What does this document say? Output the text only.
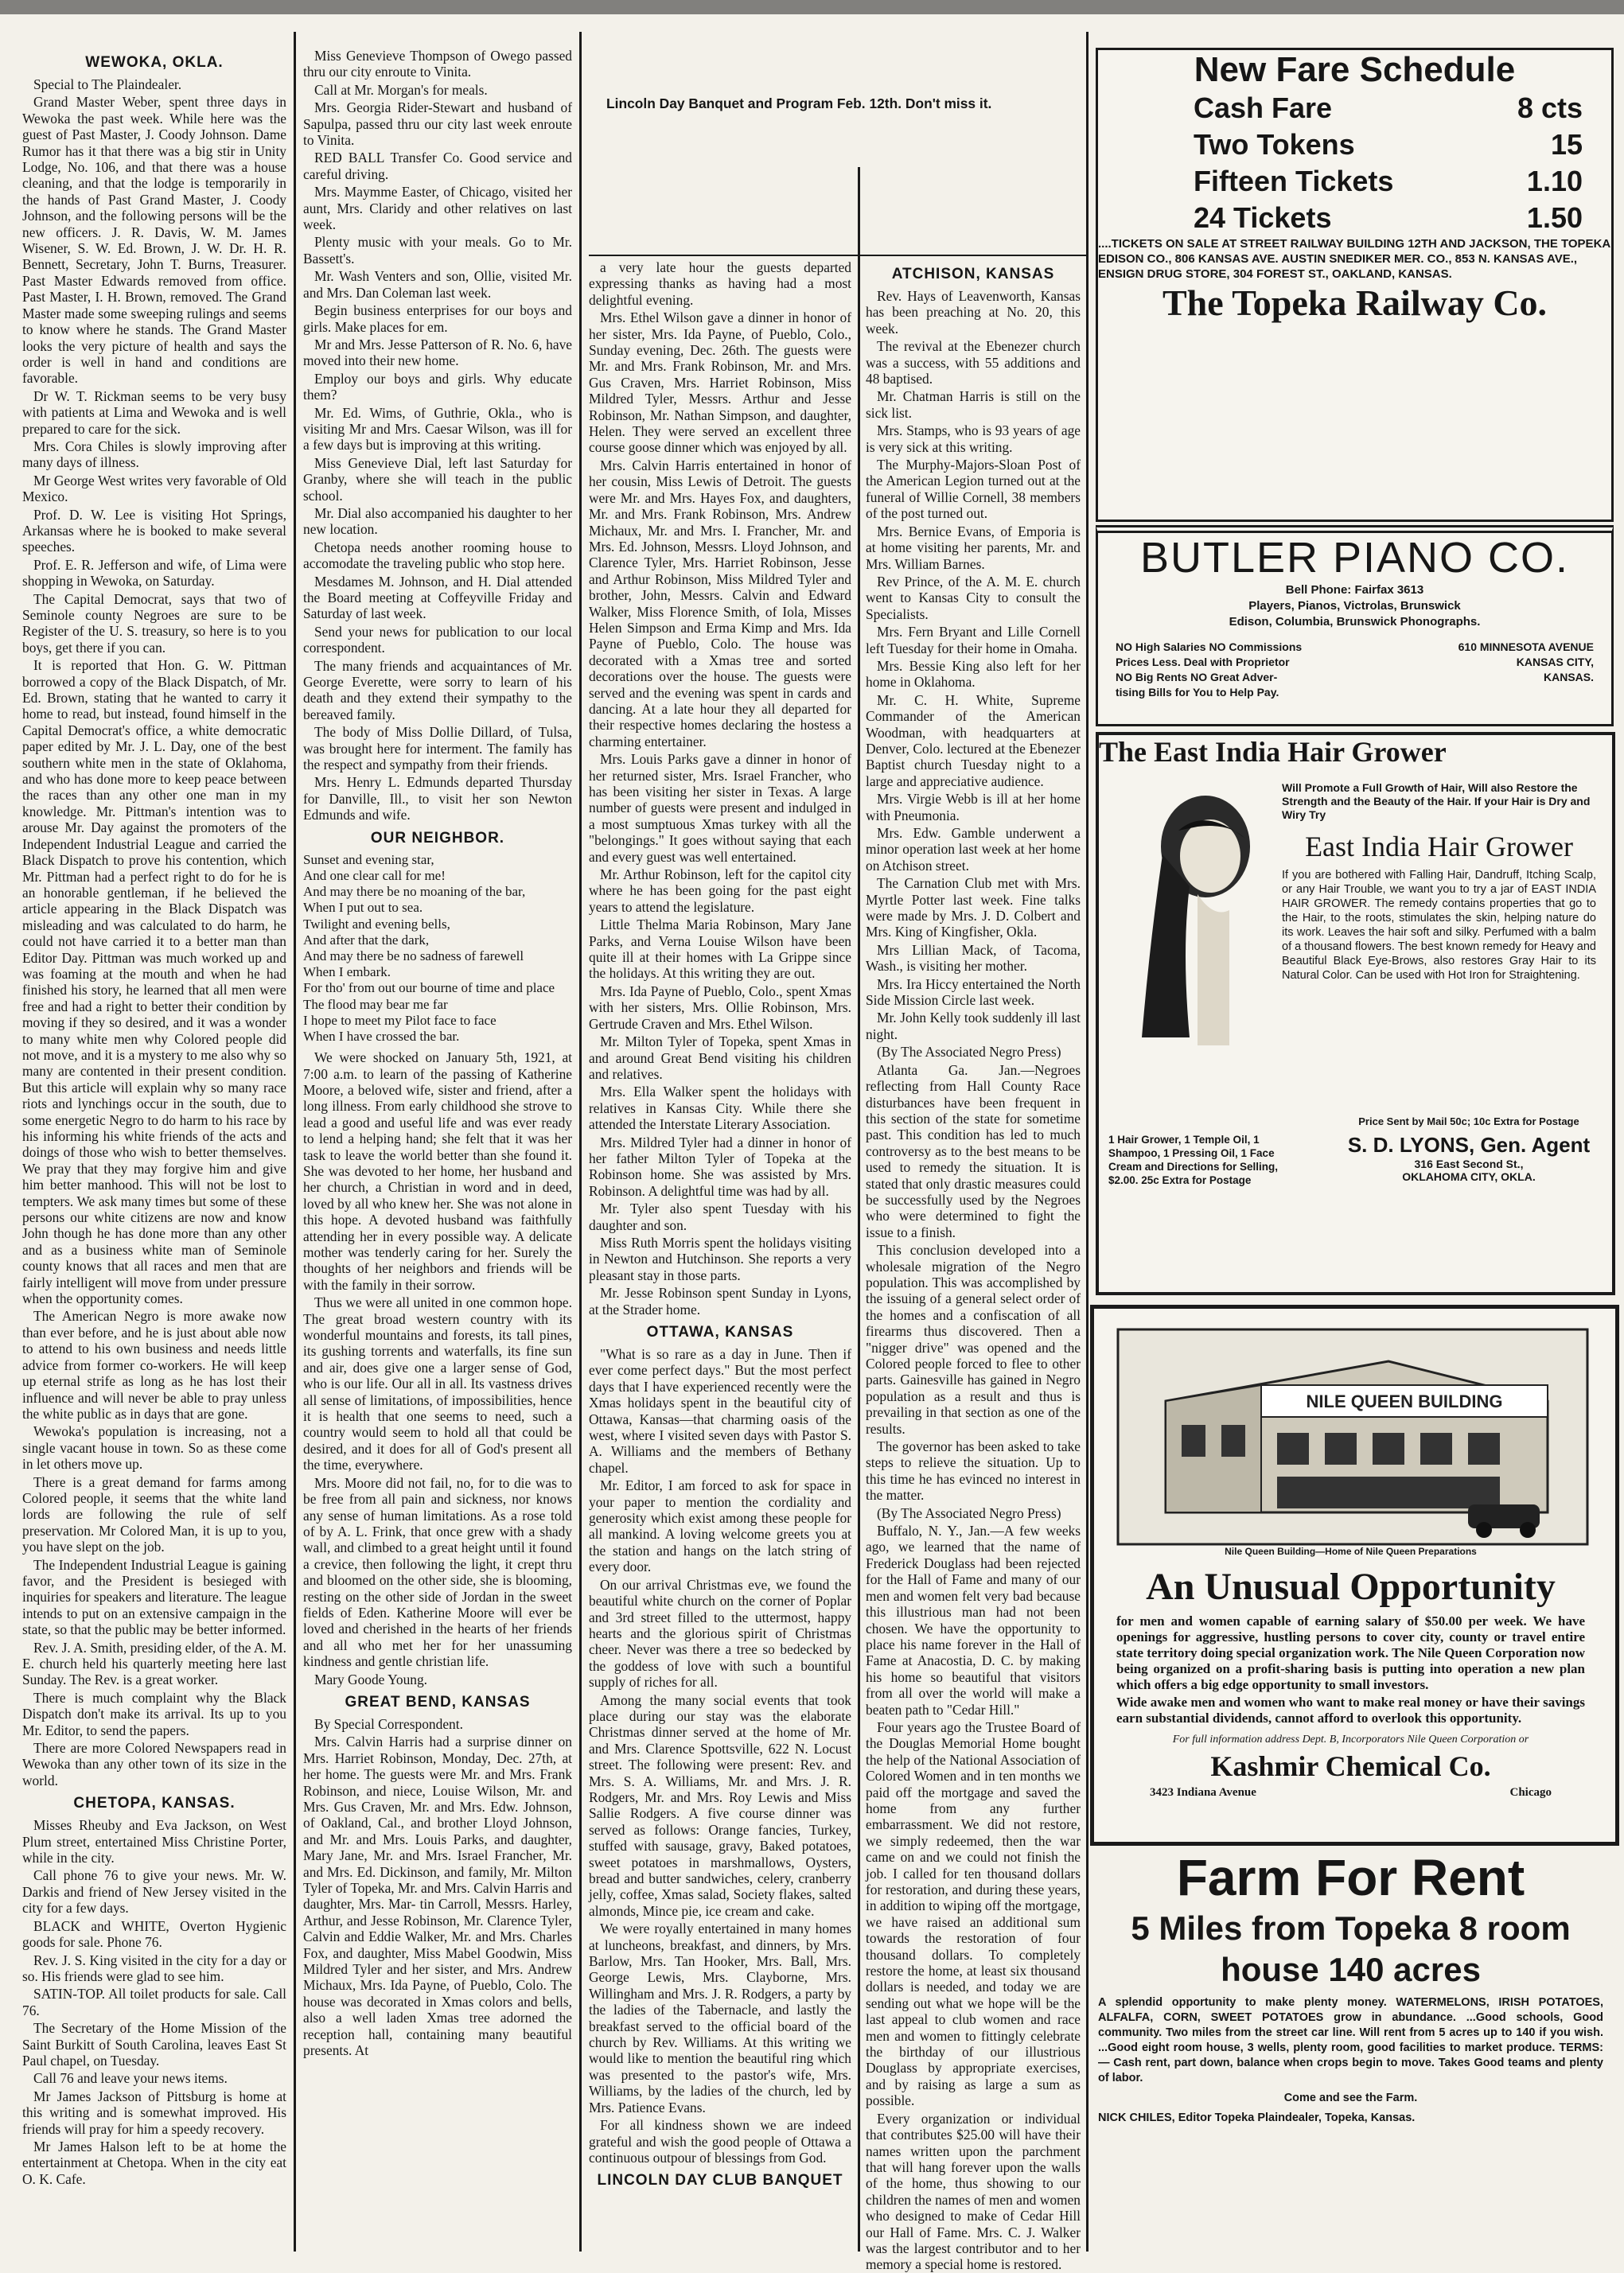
WEWOKA, OKLA.

Special to The Plaindealer.

Grand Master Weber, spent three days in Wewoka the past week. While here was the guest of Past Master, J. Coody Johnson. Dame Rumor has it that there was a big stir in Unity Lodge, No. 106, and that there was a house cleaning, and that the lodge is temporarily in the hands of Past Grand Master, J. Coody Johnson, and the following persons will be the new officers. J. R. Davis, W. M. James Wisener, S. W. Ed. Brown, J. W. Dr. H. R. Bennett, Secretary, John T. Burns, Treasurer. Past Master Edwards removed from office. Past Master, I. H. Brown, removed. The Grand Master made some sweeping rulings and seems to know where he stands. The Grand Master looks the very picture of health and says the order is well in hand and conditions are favorable.

Dr W. T. Rickman seems to be very busy with patients at Lima and Wewoka and is well prepared to care for the sick.

Mrs. Cora Chiles is slowly improving after many days of illness.

Mr George West writes very favorable of Old Mexico.

Prof. D. W. Lee is visiting Hot Springs, Arkansas where he is booked to make several speeches.

Prof. E. R. Jefferson and wife, of Lima were shopping in Wewoka, on Saturday.

The Capital Democrat, says that two of Seminole county Negroes are sure to be Register of the U. S. treasury, so here is to you boys, get there if you can.

It is reported that Hon. G. W. Pittman borrowed a copy of the Black Dispatch, of Mr. Ed. Brown, stating that he wanted to carry it home to read, but instead, found himself in the Capital Democrat's office, a white democratic paper edited by Mr. J. L. Day, one of the best southern white men in the state of Oklahoma, and who has done more to keep peace between the races than any other one man in my knowledge. Mr. Pittman's intention was to arouse Mr. Day against the promoters of the Independent Industrial League and carried the Black Dispatch to prove his contention, which Mr. Pittman had a perfect right to do for he is an honorable gentleman, if he believed the article appearing in the Black Dispatch was misleading and was calculated to do harm, he could not have carried it to a better man than Editor Day. Pittman was much worked up and was foaming at the mouth and when he had finished his story, he learned that all men were free and had a right to better their condition by moving if they so desired, and it was a wonder to many white men why Colored people did not move, and it is a mystery to me also why so many are contented in their present condition. But this article will explain why so many race riots and lynchings occur in the south, due to some energetic Negro to do harm to his race by his informing his white friends of the acts and doings of those who wish to better themselves. We pray that they may forgive him and give him better manhood. This will not be lost to tempters. We ask many times but some of these persons our white citizens are now and know John though he has done more than any other and as a business white man of Seminole county knows that all races and men that are fairly intelligent will move from under pressure when the opportunity comes.

The American Negro is more awake now than ever before, and he is just about able now to attend to his own business and needs little advice from former co-workers. He will keep up eternal strife as long as he has lost their influence and will never be able to pray unless the white public as in days that are gone.

Wewoka's population is increasing, not a single vacant house in town. So as these come in let others move up.

There is a great demand for farms among Colored people, it seems that the white land lords are following the rule of self preservation. Mr Colored Man, it is up to you, you have slept on the job.

The Independent Industrial League is gaining favor, and the President is besieged with inquiries for speakers and literature. The league intends to put on an extensive campaign in the state, so that the public may be better informed.

Rev. J. A. Smith, presiding elder, of the A. M. E. church held his quarterly meeting here last Sunday. The Rev. is a great worker.

There is much complaint why the Black Dispatch don't make its arrival. Its up to you Mr. Editor, to send the papers.

There are more Colored Newspapers read in Wewoka than any other town of its size in the world.

CHETOPA, KANSAS.

Misses Rheuby and Eva Jackson, on West Plum street, entertained Miss Christine Porter, while in the city.

Call phone 76 to give your news. Mr. W. Darkis and friend of New Jersey visited in the city for a few days.

BLACK and WHITE, Overton Hygienic goods for sale. Phone 76.

Rev. J. S. King visited in the city for a day or so. His friends were glad to see him.

SATIN-TOP. All toilet products for sale. Call 76.

The Secretary of the Home Mission of the Saint Burkitt of South Carolina, leaves East St Paul chapel, on Tuesday.

Call 76 and leave your news items.

Mr James Jackson of Pittsburg is home at this writing and is somewhat improved. His friends will pray for him a speedy recovery.

Mr James Halson left to be at home the entertainment at Chetopa. When in the city eat O. K. Cafe.

Miss Genevieve Thompson of Owego passed thru our city enroute to Vinita.

Call at Mr. Morgan's for meals.

Mrs. Georgia Rider-Stewart and husband of Sapulpa, passed thru our city last week enroute to Vinita.

RED BALL Transfer Co. Good service and careful driving.

Mrs. Maymme Easter, of Chicago, visited her aunt, Mrs. Claridy and other relatives on last week.

Plenty music with your meals. Go to Mr. Bassett's.

Mr. Wash Venters and son, Ollie, visited Mr. and Mrs. Dan Coleman last week.

Begin business enterprises for our boys and girls. Make places for em.

Mr and Mrs. Jesse Patterson of R. No. 6, have moved into their new home.

Employ our boys and girls. Why educate them?

Mr. Ed. Wims, of Guthrie, Okla., who is visiting Mr and Mrs. Caesar Wilson, was ill for a few days but is improving at this writing.

Miss Genevieve Dial, left last Saturday for Granby, where she will teach in the public school.

Mr. Dial also accompanied his daughter to her new location.

Chetopa needs another rooming house to accomodate the traveling public who stop here.

Mesdames M. Johnson, and H. Dial attended the Board meeting at Coffeyville Friday and Saturday of last week.

Send your news for publication to our local correspondent.

The many friends and acquaintances of Mr. George Everette, were sorry to learn of his death and they extend their sympathy to the bereaved family.

The body of Miss Dollie Dillard, of Tulsa, was brought here for interment. The family has the respect and sympathy from their friends.

Mrs. Henry L. Edmunds departed Thursday for Danville, Ill., to visit her son Newton Edmunds and wife.

OUR NEIGHBOR.
Sunset and evening star,
And one clear call for me!
And may there be no moaning of the bar,
When I put out to sea.
Twilight and evening bells,
And after that the dark,
And may there be no sadness of farewell
When I embark.
For tho' from out our bourne of time and place
The flood may bear me far
I hope to meet my Pilot face to face
When I have crossed the bar.

We were shocked on January 5th, 1921, at 7:00 a.m. to learn of the passing of Katherine Moore, a beloved wife, sister and friend, after a long illness. From early childhood she strove to lead a good and useful life and was ever ready to lend a helping hand; she felt that it was her task to leave the world better than she found it. She was devoted to her home, her husband and her church, a Christian in word and in deed, loved by all who knew her. She was not alone in this hope. A devoted husband was faithfully attending her in every possible way. A delicate mother was tenderly caring for her. Surely the thoughts of her neighbors and friends will be with the family in their sorrow.

Thus we were all united in one common hope. The great broad western country with its wonderful mountains and forests, its tall pines, its gushing torrents and waterfalls, its fine sun and air, does give one a larger sense of God, who is our life. Our all in all. Its vastness drives all sense of limitations, of impossibilities, hence it is health that one seems to need, such a country would seem to hold all that could be desired, and it does for all of God's present all the time, everywhere.

Mrs. Moore did not fail, no, for to die was to be free from all pain and sickness, nor knows any sense of human limitations. As a rose told of by A. L. Frink, that once grew with a shady wall, and climbed to a great height until it found a crevice, then following the light, it crept thru and bloomed on the other side, she is blooming, resting on the other side of Jordan in the sweet fields of Eden. Katherine Moore will ever be loved and cherished in the hearts of her friends and all who met her for her unassuming kindness and gentle christian life.

Mary Goode Young.

GREAT BEND, KANSAS

By Special Correspondent.

Mrs. Calvin Harris had a surprise dinner on Mrs. Harriet Robinson, Monday, Dec. 27th, at her home. The guests were Mr. and Mrs. Frank Robinson, and niece, Louise Wilson, Mr. and Mrs. Gus Craven, Mr. and Mrs. Edw. Johnson, of Oakland, Cal., and brother Lloyd Johnson, and Mr. and Mrs. Louis Parks, and daughter, Mary Jane, Mr. and Mrs. Israel Francher, Mr. and Mrs. Ed. Dickinson, and family, Mr. Milton Tyler of Topeka, Mr. and Mrs. Calvin Harris and daughter, Mrs. Mar- tin Carroll, Messrs. Harley, Arthur, and Jesse Robinson, Mr. Clarence Tyler, Calvin and Eddie Walker, Mr. and Mrs. Charles Fox, and daughter, Miss Mabel Goodwin, Miss Mildred Tyler and her sister, and Mrs. Andrew Michaux, Mrs. Ida Payne, of Pueblo, Colo. The house was decorated in Xmas colors and bells, also a well laden Xmas tree adorned the reception hall, containing many beautiful presents. At

Lincoln Day Banquet and Program Feb. 12th. Don't miss it.

a very late hour the guests departed expressing thanks as having had a most delightful evening.

Mrs. Ethel Wilson gave a dinner in honor of her sister, Mrs. Ida Payne, of Pueblo, Colo., Sunday evening, Dec. 26th. The guests were Mr. and Mrs. Frank Robinson, Mr. and Mrs. Gus Craven, Mrs. Harriet Robinson, Miss Mildred Tyler, Messrs. Arthur and Jesse Robinson, Mr. Nathan Simpson, and daughter, Helen. They were served an excellent three course goose dinner which was enjoyed by all.

Mrs. Calvin Harris entertained in honor of her cousin, Miss Lewis of Detroit. The guests were Mr. and Mrs. Hayes Fox, and daughters, Mr. and Mrs. Frank Robinson, Mrs. Andrew Michaux, Mr. and Mrs. I. Francher, Mr. and Mrs. Ed. Johnson, Messrs. Lloyd Johnson, and Clarence Tyler, Mrs. Harriet Robinson, Jesse and Arthur Robinson, Miss Mildred Tyler and brother, John, Messrs. Calvin and Edward Walker, Miss Florence Smith, of Iola, Misses Helen Simpson and Erma Kimp and Mrs. Ida Payne of Pueblo, Colo. The house was decorated with a Xmas tree and sorted decorations over the house. The guests were served and the evening was spent in cards and dancing. At a late hour they all departed for their respective homes declaring the hostess a charming entertainer.

Mrs. Louis Parks gave a dinner in honor of her returned sister, Mrs. Israel Francher, who has been visiting her sister in Texas. A large number of guests were present and indulged in a most sumptuous Xmas turkey with all the "belongings." It goes without saying that each and every guest was well entertained.

Mr. Arthur Robinson, left for the capitol city where he has been going for the past eight years to attend the legislature.

Little Thelma Maria Robinson, Mary Jane Parks, and Verna Louise Wilson have been quite ill at their homes with La Grippe since the holidays. At this writing they are out.

Mrs. Ida Payne of Pueblo, Colo., spent Xmas with her sisters, Mrs. Ollie Robinson, Mrs. Gertrude Craven and Mrs. Ethel Wilson.

Mr. Milton Tyler of Topeka, spent Xmas in and around Great Bend visiting his children and relatives.

Mrs. Ella Walker spent the holidays with relatives in Kansas City. While there she attended the Interstate Literary Association.

Mrs. Mildred Tyler had a dinner in honor of her father Milton Tyler of Topeka at the Robinson home. She was assisted by Mrs. Robinson. A delightful time was had by all.

Mr. Tyler also spent Tuesday with his daughter and son.

Miss Ruth Morris spent the holidays visiting in Newton and Hutchinson. She reports a very pleasant stay in those parts.

Mr. Jesse Robinson spent Sunday in Lyons, at the Strader home.

OTTAWA, KANSAS

"What is so rare as a day in June. Then if ever come perfect days." But the most perfect days that I have experienced recently were the Xmas holidays spent in the beautiful city of Ottawa, Kansas—that charming oasis of the west, where I visited seven days with Pastor S. A. Williams and the members of Bethany chapel.

Mr. Editor, I am forced to ask for space in your paper to mention the cordiality and generosity which exist among these people for all mankind. A loving welcome greets you at the station and hangs on the latch string of every door.

On our arrival Christmas eve, we found the beautiful white church on the corner of Poplar and 3rd street filled to the uttermost, happy hearts and the glorious spirit of Christmas cheer. Never was there a tree so bedecked by the goddess of love with such a bountiful supply of riches for all.

Among the many social events that took place during our stay was the elaborate Christmas dinner served at the home of Mr. and Mrs. Clarence Spottsville, 622 N. Locust street. The following were present: Rev. and Mrs. S. A. Williams, Mr. and Mrs. J. R. Rodgers, Mr. and Mrs. Roy Lewis and Miss Sallie Rodgers. A five course dinner was served as follows: Orange fancies, Turkey, stuffed with sausage, gravy, Baked potatoes, sweet potatoes in marshmallows, Oysters, bread and butter sandwiches, celery, cranberry jelly, coffee, Xmas salad, Society flakes, salted almonds, Mince pie, ice cream and cake.

We were royally entertained in many homes at luncheons, breakfast, and dinners, by Mrs. Barlow, Mrs. Tan Hooker, Mrs. Ball, Mrs. George Lewis, Mrs. Clayborne, Mrs. Willingham and Mrs. J. R. Rodgers, a party by the ladies of the Tabernacle, and lastly the breakfast served to the official board of the church by Rev. Williams. At this writing we would like to mention the beautiful ring which was presented to the pastor's wife, Mrs. Williams, by the ladies of the church, led by Mrs. Patience Evans.

For all kindness shown we are indeed grateful and wish the good people of Ottawa a continuous outpour of blessings from God.

LINCOLN DAY CLUB BANQUET
ATCHISON, KANSAS

Rev. Hays of Leavenworth, Kansas has been preaching at No. 20, this week.

The revival at the Ebenezer church was a success, with 55 additions and 48 baptised.

Mr. Chatman Harris is still on the sick list.

Mrs. Stamps, who is 93 years of age is very sick at this writing.

The Murphy-Majors-Sloan Post of the American Legion turned out at the funeral of Willie Cornell, 38 members of the post turned out.

Mrs. Bernice Evans, of Emporia is at home visiting her parents, Mr. and Mrs. William Barnes.

Rev Prince, of the A. M. E. church went to Kansas City to consult the Specialists.

Mrs. Fern Bryant and Lille Cornell left Tuesday for their home in Omaha.

Mrs. Bessie King also left for her home in Oklahoma.

Mr. C. H. White, Supreme Commander of the American Woodman, with headquarters at Denver, Colo. lectured at the Ebenezer Baptist church Tuesday night to a large and appreciative audience.

Mrs. Virgie Webb is ill at her home with Pneumonia.

Mrs. Edw. Gamble underwent a minor operation last week at her home on Atchison street.

The Carnation Club met with Mrs. Myrtle Potter last week. Fine talks were made by Mrs. J. D. Colbert and Mrs. King of Kingfisher, Okla.

Mrs Lillian Mack, of Tacoma, Wash., is visiting her mother.

Mrs. Ira Hiccy entertained the North Side Mission Circle last week.

Mr. John Kelly took suddenly ill last night.

(By The Associated Negro Press)

Atlanta Ga. Jan.—Negroes reflecting from Hall County Race disturbances have been frequent in this section of the state for sometime past. This condition has led to much controversy as to the best means to be used to remedy the situation. It is stated that only drastic measures could be successfully used by the Negroes who were determined to fight the issue to a finish.

This conclusion developed into a wholesale migration of the Negro population. This was accomplished by the issuing of a general select order of the homes and a confiscation of all firearms thus discovered. Then a "nigger drive" was opened and the Colored people forced to flee to other parts. Gainesville has gained in Negro population as a result and thus is prevailing in that section as one of the results.

The governor has been asked to take steps to relieve the situation. Up to this time he has evinced no interest in the matter.

(By The Associated Negro Press)

Buffalo, N. Y., Jan.—A few weeks ago, we learned that the name of Frederick Douglass had been rejected for the Hall of Fame and many of our men and women felt very bad because this illustrious man had not been chosen. We have the opportunity to place his name forever in the Hall of Fame at Anacostia, D. C. by making his home so beautiful that visitors from all over the world will make a beaten path to "Cedar Hill."

Four years ago the Trustee Board of the Douglas Memorial Home bought the help of the National Association of Colored Women and in ten months we paid off the mortgage and saved the home from any further embarrassment. We did not restore, we simply redeemed, then the war came on and we could not finish the job. I called for ten thousand dollars for restoration, and during these years, in addition to wiping off the mortgage, we have raised an additional sum towards the restoration of four thousand dollars. To completely restore the home, at least six thousand dollars is needed, and today we are sending out what we hope will be the last appeal to club women and race men and women to fittingly celebrate the birthday of our illustrious Douglass by appropriate exercises, and by raising as large a sum as possible.

Every organization or individual that contributes $25.00 will have their names written upon the parchment that will hang forever upon the walls of the home, thus showing to our children the names of men and women who designed to make of Cedar Hill our Hall of Fame. Mrs. C. J. Walker was the largest contributor and to her memory a special home is restored.

New Fare Schedule

Cash Fare	8 cts
Two Tokens	15
Fifteen Tickets	1.10
24 Tickets	1.50

....TICKETS ON SALE AT STREET RAILWAY BUILDING 12TH AND JACKSON, THE TOPEKA EDISON CO., 806 KANSAS AVE. AUSTIN SNEDIKER MER. CO., 853 N. KANSAS AVE., ENSIGN DRUG STORE, 304 FOREST ST., OAKLAND, KANSAS.

The Topeka Railway Co.

BUTLER PIANO CO.

Bell Phone: Fairfax 3613
Players, Pianos, Victrolas, Brunswick
Edison, Columbia, Brunswick Phonographs.
NO High Salaries NO Commissions
Prices Less. Deal with Proprietor
NO Big Rents NO Great Adver-
tising Bills for You to Help Pay.
610 MINNESOTA AVENUE
KANSAS CITY,
KANSAS.

The East India Hair Grower

Will Promote a Full Growth of Hair, Will also Restore the Strength and the Beauty of the Hair. If your Hair is Dry and Wiry Try
East India Hair Grower
If you are bothered with Falling Hair, Dandruff, Itching Scalp, or any Hair Trouble, we want you to try a jar of EAST INDIA HAIR GROWER. The remedy contains properties that go to the Hair, to the roots, stimulates the skin, helping nature do its work. Leaves the hair soft and silky. Perfumed with a balm of a thousand flowers. The best known remedy for Heavy and Beautiful Black Eye-Brows, also restores Gray Hair to its Natural Color. Can be used with Hot Iron for Straightening.
Price Sent by Mail 50c; 10c Extra for Postage
1 Hair Grower, 1 Temple Oil, 1 Shampoo, 1 Pressing Oil, 1 Face Cream and Directions for Selling, $2.00. 25c Extra for Postage
S. D. LYONS, Gen. Agent
316 East Second St.,
OKLAHOMA CITY, OKLA.
NILE QUEEN BUILDING
Nile Queen Building—Home of Nile Queen Preparations

An Unusual Opportunity

for men and women capable of earning salary of $50.00 per week. We have openings for aggressive, hustling persons to cover city, county or travel entire state territory doing special organization work. The Nile Queen Corporation now being organized on a profit-sharing basis is putting into operation a new plan which offers a big edge opportunity to small investors.

Wide awake men and women who want to make real money or have their savings earn substantial dividends, cannot afford to overlook this opportunity.

For full information address Dept. B, Incorporators Nile Queen Corporation or

Kashmir Chemical Co.

3423 Indiana Avenue	Chicago

Farm For Rent

5 Miles from Topeka 8 room

house 140 acres

A splendid opportunity to make plenty money. WATERMELONS, IRISH POTATOES, ALFALFA, CORN, SWEET POTATOES grow in abundance. ...Good schools, Good community. Two miles from the street car line. Will rent from 5 acres up to 140 if you wish. ...Good eight room house, 3 wells, plenty room, good facilities to market produce. TERMS:— Cash rent, part down, balance when crops begin to move. Takes Good teams and plenty of labor.

Come and see the Farm.

NICK CHILES, Editor Topeka Plaindealer, Topeka, Kansas.
